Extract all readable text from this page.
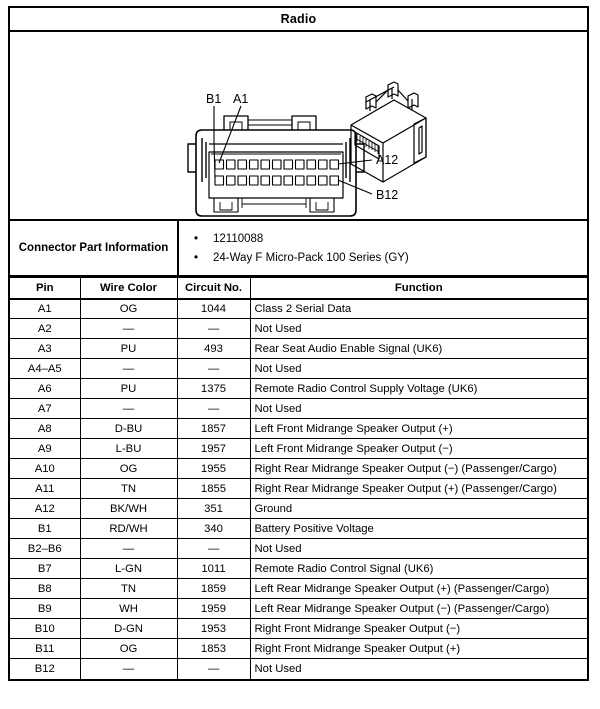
Radio
B1 A1
A12
B12
Connector Part Information
•	12110088
•	24-Way F Micro-Pack 100 Series (GY)
Pin	Wire Color	Circuit No.	Function
A1	OG	1044	Class 2 Serial Data
A2	—	—	Not Used
A3	PU	493	Rear Seat Audio Enable Signal (UK6)
A4–A5	—	—	Not Used
A6	PU	1375	Remote Radio Control Supply Voltage (UK6)
A7	—	—	Not Used
A8	D-BU	1857	Left Front Midrange Speaker Output (+)
A9	L-BU	1957	Left Front Midrange Speaker Output (−)
A10	OG	1955	Right Rear Midrange Speaker Output (−) (Passenger/Cargo)
A11	TN	1855	Right Rear Midrange Speaker Output (+) (Passenger/Cargo)
A12	BK/WH	351	Ground
B1	RD/WH	340	Battery Positive Voltage
B2–B6	—	—	Not Used
B7	L-GN	1011	Remote Radio Control Signal (UK6)
B8	TN	1859	Left Rear Midrange Speaker Output (+) (Passenger/Cargo)
B9	WH	1959	Left Rear Midrange Speaker Output (−) (Passenger/Cargo)
B10	D-GN	1953	Right Front Midrange Speaker Output (−)
B11	OG	1853	Right Front Midrange Speaker Output (+)
B12	—	—	Not Used
